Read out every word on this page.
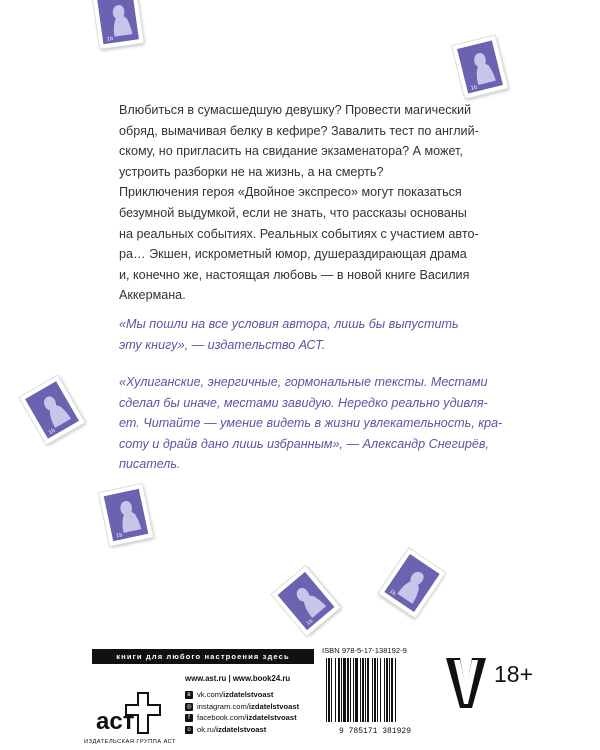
1b
1b
1b
1b
1b
1b

Влюбиться в сумасшедшую девушку? Провести магический

обряд, вымачивая белку в кефире? Завалить тест по англий-

скому, но пригласить на свидание экзаменатора? А может,

устроить разборки не на жизнь, а на смерть?

Приключения героя «Двойное экспресо» могут показаться

безумной выдумкой, если не знать, что рассказы основаны

на реальных событиях. Реальных событиях с участием авто-

ра… Экшен, искрометный юмор, душераздирающая драма

и, конечно же, настоящая любовь — в новой книге Василия

Аккермана.

«Мы пошли на все условия автора, лишь бы выпустить
эту книгу», — издательство АСТ.
«Хулиганские, энергичные, гормональные тексты. Местами
сделал бы иначе, местами завидую. Нередко реально удивля-
ет. Читайте — умение видеть в жизни увлекательность, кра-
соту и драйв дано лишь избранным», — Александр Снегирёв,
писатель.
книги для любого настроения здесь
www.ast.ru | www.book24.ru
аст
ИЗДАТЕЛЬСКАЯ ГРУППА АСТ
в vk.com/izdatelstvoast
◎ instagram.com/izdatelstvoast
f facebook.com/izdatelstvoast
о ok.ru/izdatelstvoast
ISBN 978-5-17-138192-9
9 785171 381929
18+
